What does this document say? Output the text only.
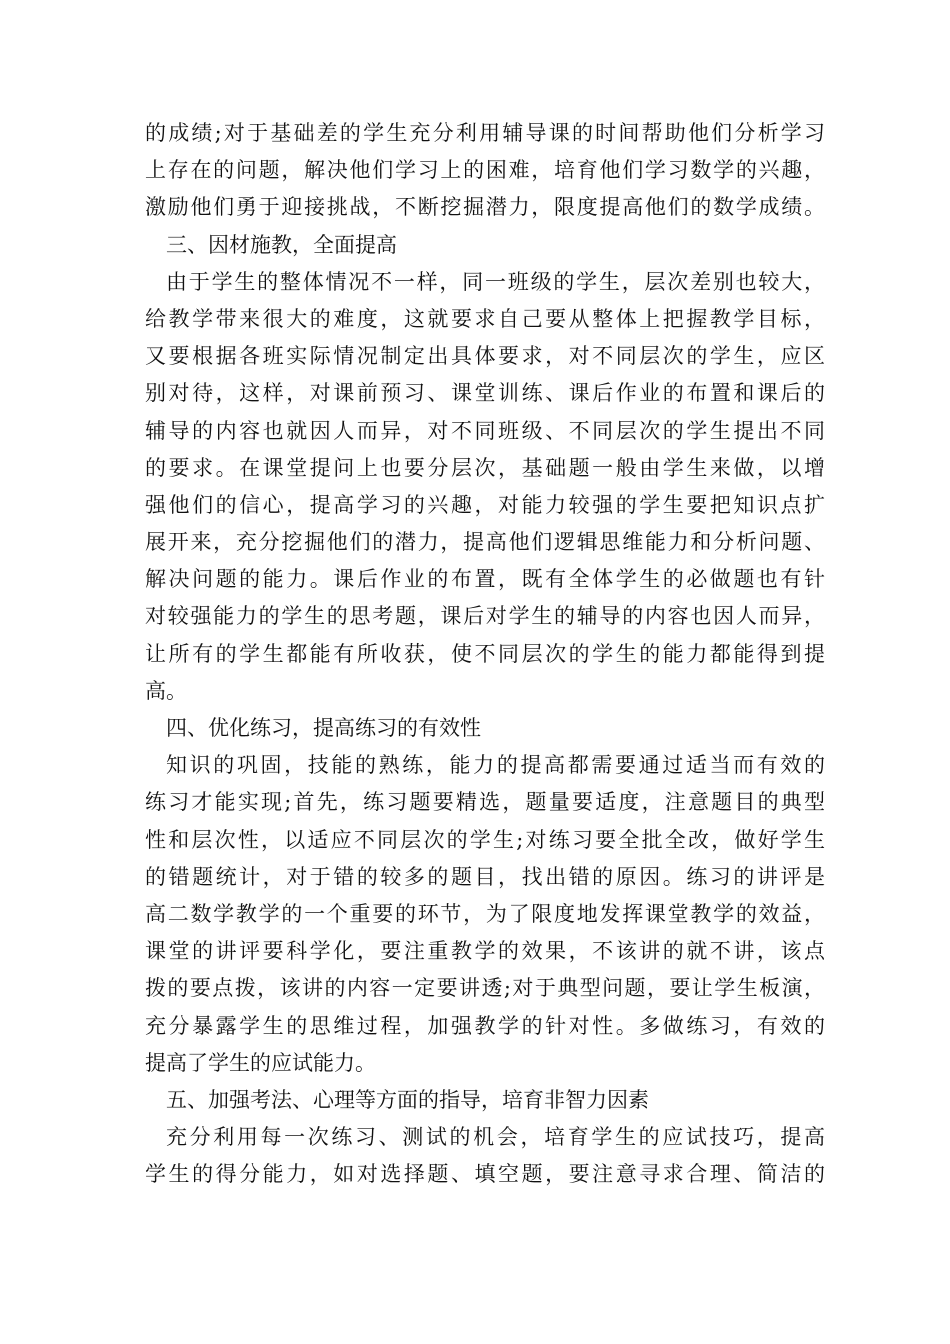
的成绩;对于基础差的学生充分利用辅导课的时间帮助他们分析学习
上存在的问题，解决他们学习上的困难，培育他们学习数学的兴趣，
激励他们勇于迎接挑战，不断挖掘潜力，限度提高他们的数学成绩。
三、因材施教，全面提高
由于学生的整体情况不一样，同一班级的学生，层次差别也较大，
给教学带来很大的难度，这就要求自己要从整体上把握教学目标，
又要根据各班实际情况制定出具体要求，对不同层次的学生，应区
别对待，这样，对课前预习、课堂训练、课后作业的布置和课后的
辅导的内容也就因人而异，对不同班级、不同层次的学生提出不同
的要求。在课堂提问上也要分层次，基础题一般由学生来做，以增
强他们的信心，提高学习的兴趣，对能力较强的学生要把知识点扩
展开来，充分挖掘他们的潜力，提高他们逻辑思维能力和分析问题、
解决问题的能力。课后作业的布置，既有全体学生的必做题也有针
对较强能力的学生的思考题，课后对学生的辅导的内容也因人而异，
让所有的学生都能有所收获，使不同层次的学生的能力都能得到提
高。
四、优化练习，提高练习的有效性
知识的巩固，技能的熟练，能力的提高都需要通过适当而有效的
练习才能实现;首先，练习题要精选，题量要适度，注意题目的典型
性和层次性，以适应不同层次的学生;对练习要全批全改，做好学生
的错题统计，对于错的较多的题目，找出错的原因。练习的讲评是
高二数学教学的一个重要的环节，为了限度地发挥课堂教学的效益，
课堂的讲评要科学化，要注重教学的效果，不该讲的就不讲，该点
拨的要点拨，该讲的内容一定要讲透;对于典型问题，要让学生板演，
充分暴露学生的思维过程，加强教学的针对性。多做练习，有效的
提高了学生的应试能力。
五、加强考法、心理等方面的指导，培育非智力因素
充分利用每一次练习、测试的机会，培育学生的应试技巧，提高
学生的得分能力，如对选择题、填空题，要注意寻求合理、简洁的
